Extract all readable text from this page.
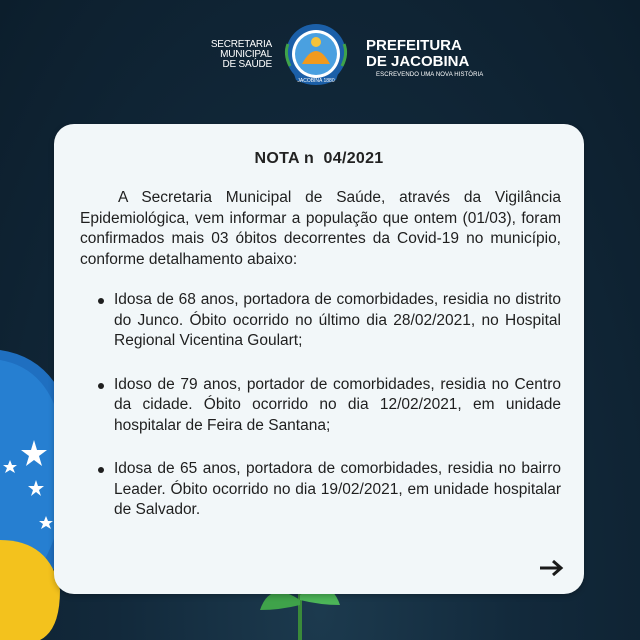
SECRETARIA MUNICIPAL DE SAÚDE
JACOBINA 1880
PREFEITURA
DE JACOBINA
ESCREVENDO UMA NOVA HISTÓRIA
NOTA n  04/2021

A Secretaria Municipal de Saúde, através da Vigilância Epidemiológica, vem informar a população que ontem (01/03), foram confirmados mais 03 óbitos decorrentes da Covid-19 no município, conforme detalhamento abaixo:

Idosa de 68 anos, portadora de comorbidades, residia no distrito do Junco. Óbito ocorrido no último dia 28/02/2021, no Hospital Regional Vicentina Goulart;
Idoso de 79 anos, portador de comorbidades, residia no Centro da cidade. Óbito ocorrido no dia 12/02/2021, em unidade hospitalar de Feira de Santana;
Idosa de 65 anos, portadora de comorbidades, residia no bairro Leader. Óbito ocorrido no dia 19/02/2021, em unidade hospitalar de Salvador.
